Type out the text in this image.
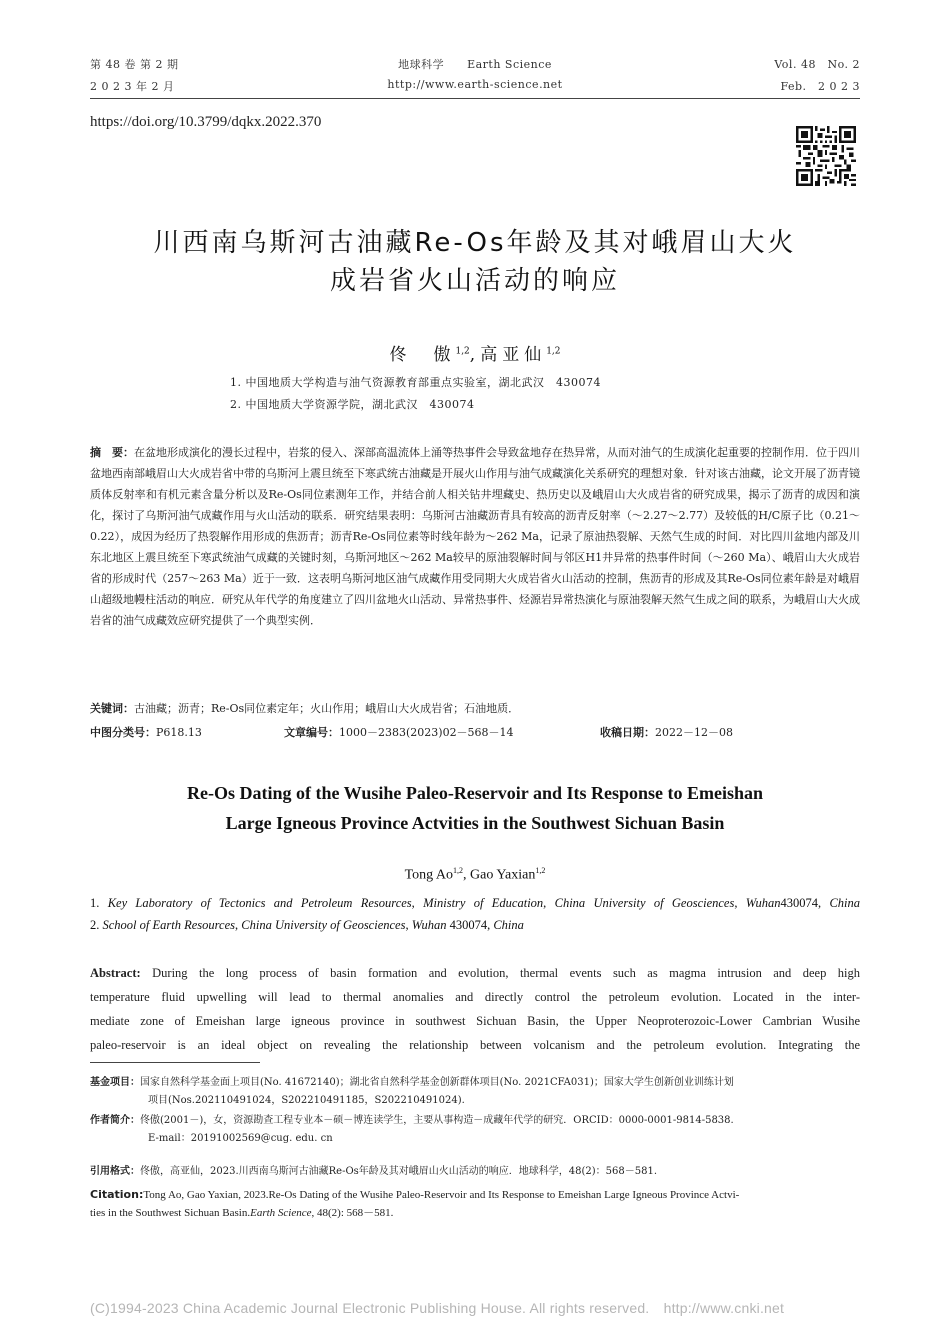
第 48 卷 第 2 期
2 0 2 3 年 2 月
地球科学　　Earth Science
http://www.earth-science.net
Vol. 48　No. 2
Feb.　2 0 2 3
https://doi.org/10.3799/dqkx.2022.370
川西南乌斯河古油藏Re-Os年龄及其对峨眉山大火
成岩省火山活动的响应
佟　傲$^{1,2}$,高亚仙$^{1,2}$
1. 中国地质大学构造与油气资源教育部重点实验室，湖北武汉　430074
2. 中国地质大学资源学院，湖北武汉　430074
摘　要：在盆地形成演化的漫长过程中，岩浆的侵入、深部高温流体上涌等热事件会导致盆地存在热异常，从而对油气的生成演化起重要的控制作用．位于四川盆地西南部峨眉山大火成岩省中带的乌斯河上震旦统至下寒武统古油藏是开展火山作用与油气成藏演化关系研究的理想对象．针对该古油藏，论文开展了沥青镜质体反射率和有机元素含量分析以及Re-Os同位素测年工作，并结合前人相关钻井埋藏史、热历史以及峨眉山大火成岩省的研究成果，揭示了沥青的成因和演化，探讨了乌斯河油气成藏作用与火山活动的联系．研究结果表明：乌斯河古油藏沥青具有较高的沥青反射率（～2.27～2.77）及较低的H/C原子比（0.21～0.22），成因为经历了热裂解作用形成的焦沥青；沥青Re-Os同位素等时线年龄为～262 Ma，记录了原油热裂解、天然气生成的时间．对比四川盆地内部及川东北地区上震旦统至下寒武统油气成藏的关键时刻，乌斯河地区～262 Ma较早的原油裂解时间与邻区H1井异常的热事件时间（～260 Ma）、峨眉山大火成岩省的形成时代（257～263 Ma）近于一致．这表明乌斯河地区油气成藏作用受同期大火成岩省火山活动的控制，焦沥青的形成及其Re-Os同位素年龄是对峨眉山超级地幔柱活动的响应．研究从年代学的角度建立了四川盆地火山活动、异常热事件、烃源岩异常热演化与原油裂解天然气生成之间的联系，为峨眉山大火成岩省的油气成藏效应研究提供了一个典型实例．
关键词：古油藏；沥青；Re-Os同位素定年；火山作用；峨眉山大火成岩省；石油地质．
中图分类号：P618.13	文章编号：1000－2383(2023)02－568－14	收稿日期：2022－12－08
Re-Os Dating of the Wusihe Paleo-Reservoir and Its Response to Emeishan
Large Igneous Province Actvities in the Southwest Sichuan Basin
Tong Ao$^{1,2}$, Gao Yaxian$^{1,2}$
1. Key Laboratory of Tectonics and Petroleum Resources, Ministry of Education, China University of Geosciences, Wuhan430074, China
2. School of Earth Resources, China University of Geosciences, Wuhan 430074, China
Abstract: During the long process of basin formation and evolution, thermal events such as magma intrusion and deep high
temperature fluid upwelling will lead to thermal anomalies and directly control the petroleum evolution. Located in the inter-
mediate zone of Emeishan large igneous province in southwest Sichuan Basin, the Upper Neoproterozoic-Lower Cambrian Wusihe
paleo-reservoir is an ideal object on revealing the relationship between volcanism and the petroleum evolution. Integrating the
基金项目：国家自然科学基金面上项目(No. 41672140)；湖北省自然科学基金创新群体项目(No. 2021CFA031)；国家大学生创新创业训练计划
项目(Nos.202110491024，S202210491185，S202210491024).
作者简介：佟傲(2001－)，女，资源勘查工程专业本－硕－博连读学生，主要从事构造－成藏年代学的研究．ORCID：0000-0001-9814-5838.
E-mail：20191002569@cug. edu. cn
引用格式：佟傲，高亚仙，2023.川西南乌斯河古油藏Re-Os年龄及其对峨眉山火山活动的响应．地球科学，48(2)：568－581.
Citation:Tong Ao, Gao Yaxian, 2023.Re-Os Dating of the Wusihe Paleo-Reservoir and Its Response to Emeishan Large Igneous Province Actvi-
ties in the Southwest Sichuan Basin.Earth Science, 48(2): 568－581.
(C)1994-2023 China Academic Journal Electronic Publishing House. All rights reserved.　http://www.cnki.net
